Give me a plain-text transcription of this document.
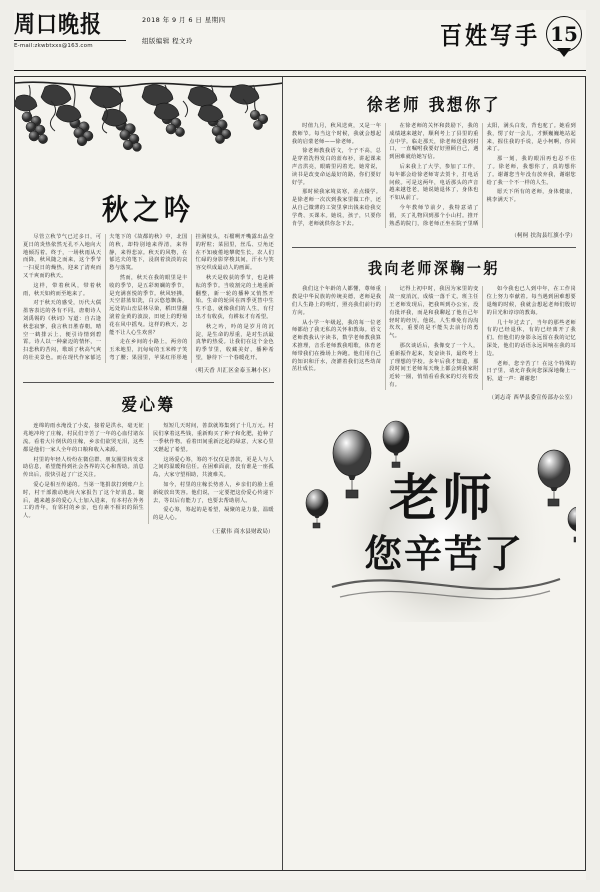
周口晚报
E-mail:zkwbtxxs@163.com
2018 年 9 月 6 日 星期四
组版编辑 程文玲	百姓写手 15
秋之吟

尽管立秋节气已过多日，可夏日的炎热依然无孔不入地向大地倾泻着。终于，一场秋雨从天而降，秋风随之而来，这个季节一扫夏日的燥热，迎来了清爽而又干爽而的秋天。

这样，带着秋风，带着秋雨，秋天如约而至地来了。

对于秋天的感受，历代大儒墨客表达的各有不同。唐朝诗人刘禹锡的《秋词》写道：自古逢秋悲寂寥，我言秋日胜春朝。晴空一鹤排云上，便引诗情到碧霄。诗人以一种豪迈的情怀，一扫悲秋的苦闷，歌颂了秋高气爽的壮美景色。而在现代作家郁达夫笔下的《故都的秋》中，北国的秋，却特别地来得清，来得静，来得悲凉。秋天的风物，在郁达夫的笔下，浸润着淡淡的哀愁与落寞。

然而，秋天在我的眼里是丰收的季节，是五彩斑斓的季节，是充满喜悦的季节。秋风轻拂，天空湛蓝如洗，白云悠悠飘荡，远处的山峦层林尽染，稻田里翻滚着金黄的波浪，田埂上的野菊花在风中摇曳。这样的秋天，怎能不让人心生欢喜？

走在乡间的小路上，两旁的玉米地里，沉甸甸的玉米棒子笑弯了腰；果园里，苹果红彤彤地挂满枝头，石榴咧开嘴露出晶莹的籽粒；菜园里，丝瓜、豆角还在不知疲倦地攀爬生长。农人们忙碌的身影穿梭其间，汗水与笑容交织成最动人的画面。

秋天是收获的季节，也是耕耘的季节。当收割完的土地重新翻整，新一轮的播种又悄然开始。生命的轮回在四季更替中生生不息，就像我们的人生，有付出才有收获，有耕耘才有希望。

秋之吟，吟的是岁月的沉淀，是生命的厚重，是对生活最真挚的热爱。让我们在这个金色的季节里，收藏美好，播种希望，静待下一个春暖花开。

（明天香 川汇区金泰玉琳小区）
爱心筹

连绵的雨水淹没了小麦，接着是洪水，毫无征兆地冲垮了庄稼，村民们辛苦了一年的心血付诸东流。看着大片倒伏的庄稼，乡亲们欲哭无泪，这些都是他们一家人全年的口粮和收入来源。

村里的年轻人纷纷在微信群、朋友圈里转发求助信息，希望能得到社会各界的关心和帮助。消息传出后，很快引起了广泛关注。

爱心是相互传递的。当第一笔捐款打到账户上时，村干部激动地向大家报告了这个好消息。随后，越来越多的爱心人士加入进来，有本村在外务工的青年，有邻村的乡亲，也有素不相识的陌生人。

短短几天时间，善款就筹集到了十几万元。村民们拿着这些钱，重新购买了种子和化肥，抢种了一季秋作物。看着田间重新泛起的绿意，大家心里又燃起了希望。

这场爱心筹，筹的不仅仅是善款，更是人与人之间的温暖和信任。在困难面前，没有谁是一座孤岛，大家守望相助，共渡难关。

如今，村里的庄稼长势喜人，乡亲们的脸上重新绽放出笑容。他们说，一定要把这份爱心传递下去，等以后有能力了，也要去帮助别人。

爱心筹，筹起的是希望，凝聚的是力量，温暖的是人心。

（王献伟 商水县财政局）
徐老师 我想你了

时值九月，秋风送爽，又是一年教师节。每当这个时候，我就会想起我的启蒙老师——徐老师。

徐老师教我语文，个子不高，总是穿着洗得发白的蓝布衫，讲起课来声音洪亮，眼睛里闪着光。她常说，读书是改变命运最好的路，你们要好好学。

那时候我家境贫寒，差点辍学。是徐老师一次次到我家里做工作，还从自己微薄的工资里拿出钱来给我交学费、买课本。她说，孩子，只要你肯学，老师就供你念下去。

在徐老师的关怀和鼓励下，我的成绩越来越好，顺利考上了县里的重点中学。临走那天，徐老师送我到村口，一直嘱咐我要好好照顾自己，遇到困难就给她写信。

后来我上了大学，参加了工作，每年都会给徐老师寄去贺卡，打电话问候。可是这两年，电话那头的声音越来越苍老，她说她退休了，身体也不如从前了。

今年教师节前夕，我特意请了假，买了礼物回到那个小山村。推开熟悉的院门，徐老师正坐在院子里晒太阳，满头白发，背也驼了。她看到我，愣了好一会儿，才颤巍巍地站起来，握住我的手说，是小柯啊，你回来了。

那一刻，我的眼泪再也忍不住了。徐老师，我想你了，真的想你了。谢谢您当年没有放弃我，谢谢您给了我一个不一样的人生。

愿天下所有的老师，身体健康，桃李满天下。

（柯柯 扶沟县红旗小学）
我向老师深鞠一躬

我们这个年龄的人都懂，尊师重教是中华民族的传统美德，老师是我们人生路上的明灯，照亮我们前行的方向。

从小学一年级起，我的每一位老师都给了我无私的关怀和教诲。语文老师教我认字读书，数学老师教我算术推理，音乐老师教我唱歌，体育老师带我们在操场上奔跑。他们用自己的知识和汗水，浇灌着我们这些幼苗茁壮成长。

记得上初中时，我因为家里的变故一度消沉，成绩一落千丈。班主任王老师发现后，把我叫到办公室，没有批评我，而是和我聊起了他自己年轻时的经历。他说，人生难免有沟沟坎坎，重要的是不能失去前行的勇气。

那次谈话后，我像变了一个人，重新振作起来，发奋读书，最终考上了理想的学校。多年后我才知道，那段时间王老师每天晚上都会到我家附近转一圈，悄悄看看我家的灯亮着没有。

如今我也已人到中年，在工作岗位上努力奉献着。每当遇到困难想要退缩的时候，我就会想起老师们殷切的目光和谆谆的教诲。

几十年过去了，当年的那些老师有的已经退休，有的已经离开了我们。但他们的身影永远留在我的记忆深处，他们的话语永远回响在我的耳边。

老师，您辛苦了！在这个特殊的日子里，请允许我向您深深地鞠上一躬，道一声：谢谢您！

（刘志奇 西华县委宣传部办公室）
老师
您辛苦了
